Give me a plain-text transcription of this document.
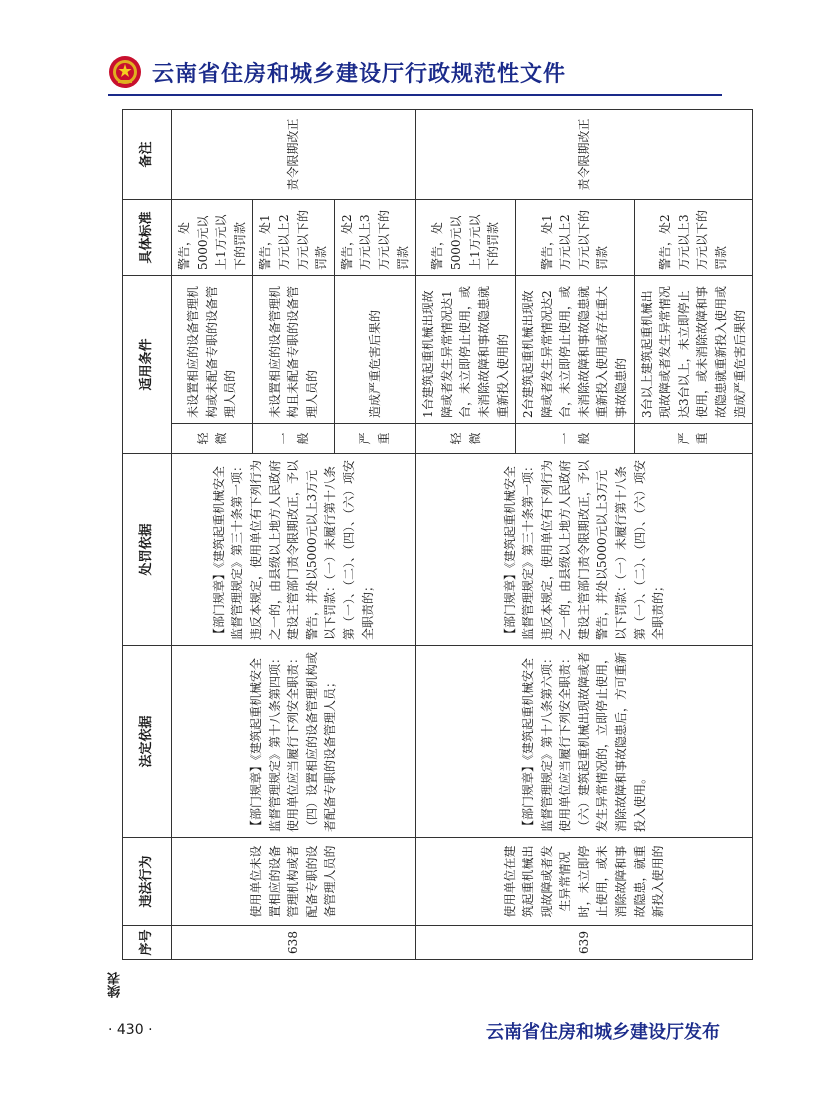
云南省住房和城乡建设厅行政规范性文件
序号	违法行为	法定依据	处罚依据	适用条件		具体标准	备注
638	使用单位未设置相应的设备管理机构或者配备专职的设备管理人员的	【部门规章】《建筑起重机械安全监督管理规定》第十八条第四项：使用单位应当履行下列安全职责：（四）设置相应的设备管理机构或者配备专职的设备管理人员；	【部门规章】《建筑起重机械安全监督管理规定》第三十条第一项：违反本规定，使用单位有下列行为之一的，由县级以上地方人民政府建设主管部门责令限期改正，予以警告，并处以5000元以上3万元以下罚款：（一）未履行第十八条第（一）、（二）、（四）、（六）项安全职责的；	轻微	未设置相应的设备管理机构或未配备专职的设备管理人员的	警告，处5000元以上1万元以下的罚款	责令限期改正
				一般	未设置相应的设备管理机构且未配备专职的设备管理人员的	警告，处1万元以上2万元以下的罚款	
				严重	造成严重危害后果的	警告，处2万元以上3万元以下的罚款	
639	使用单位在建筑起重机械出现故障或者发生异常情况时，未立即停止使用，或未消除故障和事故隐患，就重新投入使用的	【部门规章】《建筑起重机械安全监督管理规定》第十八条第六项：使用单位应当履行下列安全职责：（六）建筑起重机械出现故障或者发生异常情况的，立即停止使用，消除故障和事故隐患后，方可重新投入使用。	【部门规章】《建筑起重机械安全监督管理规定》第三十条第一项：违反本规定，使用单位有下列行为之一的，由县级以上地方人民政府建设主管部门责令限期改正，予以警告，并处以5000元以上3万元以下罚款：（一）未履行第十八条第（一）、（二）、（四）、（六）项安全职责的；	轻微	1台建筑起重机械出现故障或者发生异常情况达1台，未立即停止使用，或未消除故障和事故隐患就重新投入使用的	警告，处5000元以上1万元以下的罚款	责令限期改正
				一般	2台建筑起重机械出现故障或者发生异常情况达2台，未立即停止使用，或未消除故障和事故隐患就重新投入使用或存在重大事故隐患的	警告，处1万元以上2万元以下的罚款	
				严重	3台以上建筑起重机械出现故障或者发生异常情况达3台以上，未立即停止使用，或未消除故障和事故隐患就重新投入使用或造成严重危害后果的	警告，处2万元以上3万元以下的罚款	
续表
· 430 ·	云南省住房和城乡建设厅发布
